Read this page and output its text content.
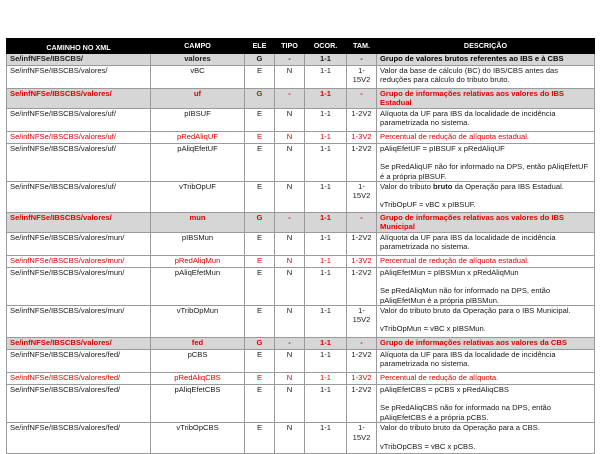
CAMINHO NO XML	CAMPO	ELE	TIPO	OCOR.	TAM.	DESCRIÇÃO
Se/infNFSe/IBSCBS/	valores	G	-	1-1	-	Grupo de valores brutos referentes ao IBS e à CBS

Se/infNFSe/IBSCBS/valores/	vBC	E	N	1-1	1-15V2	Valor da base de cálculo (BC) do IBS/CBS antes das reduções para cálculo do tributo bruto.

Se/infNFSe/IBSCBS/valores/	uf	G	-	1-1	-	Grupo de informações relativas aos valores do IBS Estadual

Se/infNFSe/IBSCBS/valores/uf/	pIBSUF	E	N	1-1	1-2V2	Alíquota da UF para IBS da localidade de incidência parametrizada no sistema.

Se/infNFSe/IBSCBS/valores/uf/	pRedAliqUF	E	N	1-1	1-3V2	Percentual de redução de alíquota estadual.

Se/infNFSe/IBSCBS/valores/uf/	pAliqEfetUF	E	N	1-1	1-2V2	pAliqEfetUF = pIBSUF x pRedAliqUF
Se pRedAliqUF não for informado na DPS, então pAliqEfetUF é a própria pIBSUF.

Se/infNFSe/IBSCBS/valores/uf/	vTribOpUF	E	N	1-1	1-15V2	Valor do tributo bruto da Operação para IBS Estadual.
vTribOpUF = vBC x pIBSUF.

Se/infNFSe/IBSCBS/valores/	mun	G	-	1-1	-	Grupo de informações relativas aos valores do IBS Municipal

Se/infNFSe/IBSCBS/valores/mun/	pIBSMun	E	N	1-1	1-2V2	Alíquota da UF para IBS da localidade de incidência parametrizada no sistema.

Se/infNFSe/IBSCBS/valores/mun/	pRedAliqMun	E	N	1-1	1-3V2	Percentual de redução de alíquota estadual.

Se/infNFSe/IBSCBS/valores/mun/	pAliqEfetMun	E	N	1-1	1-2V2	pAliqEfetMun = pIBSMun x pRedAliqMun
Se pRedAliqMun não for informado na DPS, então pAliqEfetMun é a própria pIBSMun.

Se/infNFSe/IBSCBS/valores/mun/	vTribOpMun	E	N	1-1	1-15V2	Valor do tributo bruto da Operação para o IBS Municipal.
vTribOpMun = vBC x pIBSMun.

Se/infNFSe/IBSCBS/valores/	fed	G	-	1-1	-	Grupo de informações relativas aos valores da CBS

Se/infNFSe/IBSCBS/valores/fed/	pCBS	E	N	1-1	1-2V2	Alíquota da UF para IBS da localidade de incidência parametrizada no sistema.

Se/infNFSe/IBSCBS/valores/fed/	pRedAliqCBS	E	N	1-1	1-3V2	Percentual de redução de alíquota.

Se/infNFSe/IBSCBS/valores/fed/	pAliqEfetCBS	E	N	1-1	1-2V2	pAliqEfetCBS = pCBS x pRedAliqCBS
Se pRedAliqCBS não for informado na DPS, então pAliqEfetCBS é a própria pCBS.

Se/infNFSe/IBSCBS/valores/fed/	vTribOpCBS	E	N	1-1	1-15V2	Valor do tributo bruto da Operação para a CBS.
vTribOpCBS = vBC x pCBS.
